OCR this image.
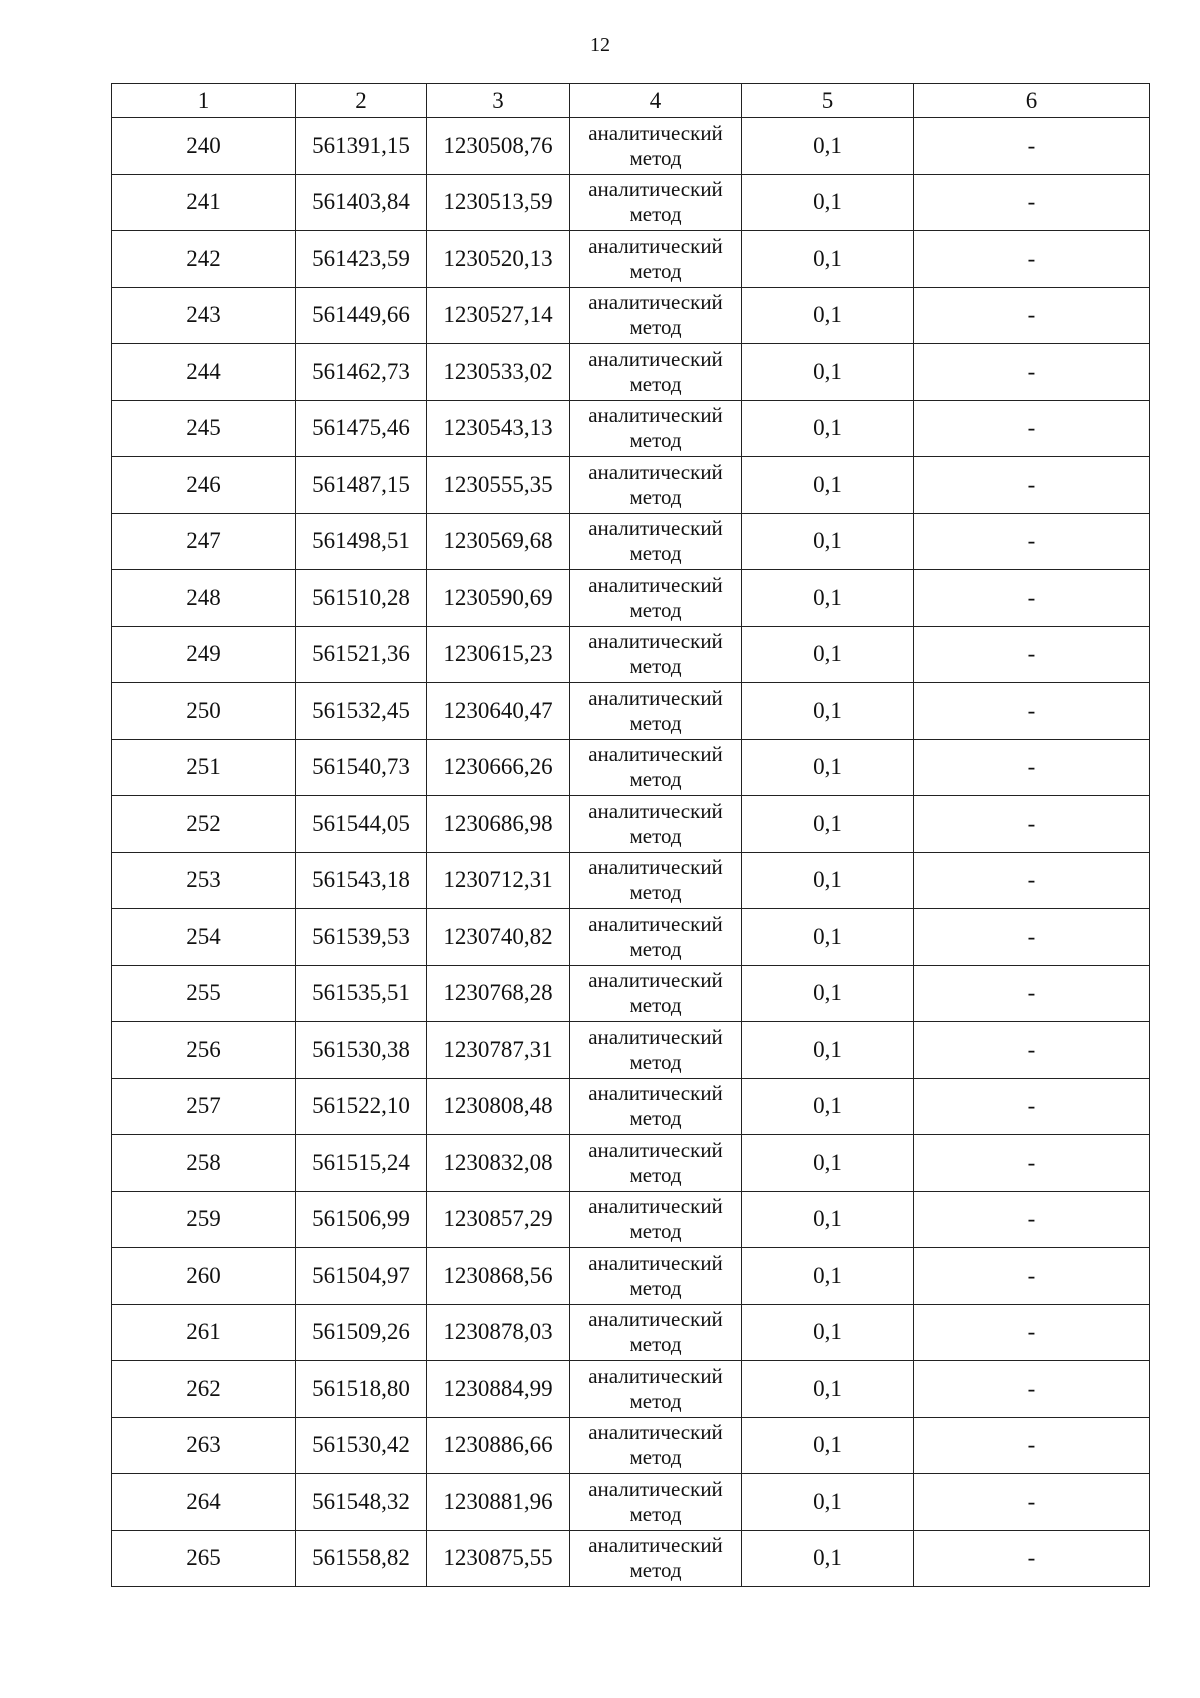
12
1	2	3	4	5	6
240	561391,15	1230508,76	аналитический метод	0,1	-
241	561403,84	1230513,59	аналитический метод	0,1	-
242	561423,59	1230520,13	аналитический метод	0,1	-
243	561449,66	1230527,14	аналитический метод	0,1	-
244	561462,73	1230533,02	аналитический метод	0,1	-
245	561475,46	1230543,13	аналитический метод	0,1	-
246	561487,15	1230555,35	аналитический метод	0,1	-
247	561498,51	1230569,68	аналитический метод	0,1	-
248	561510,28	1230590,69	аналитический метод	0,1	-
249	561521,36	1230615,23	аналитический метод	0,1	-
250	561532,45	1230640,47	аналитический метод	0,1	-
251	561540,73	1230666,26	аналитический метод	0,1	-
252	561544,05	1230686,98	аналитический метод	0,1	-
253	561543,18	1230712,31	аналитический метод	0,1	-
254	561539,53	1230740,82	аналитический метод	0,1	-
255	561535,51	1230768,28	аналитический метод	0,1	-
256	561530,38	1230787,31	аналитический метод	0,1	-
257	561522,10	1230808,48	аналитический метод	0,1	-
258	561515,24	1230832,08	аналитический метод	0,1	-
259	561506,99	1230857,29	аналитический метод	0,1	-
260	561504,97	1230868,56	аналитический метод	0,1	-
261	561509,26	1230878,03	аналитический метод	0,1	-
262	561518,80	1230884,99	аналитический метод	0,1	-
263	561530,42	1230886,66	аналитический метод	0,1	-
264	561548,32	1230881,96	аналитический метод	0,1	-
265	561558,82	1230875,55	аналитический метод	0,1	-
